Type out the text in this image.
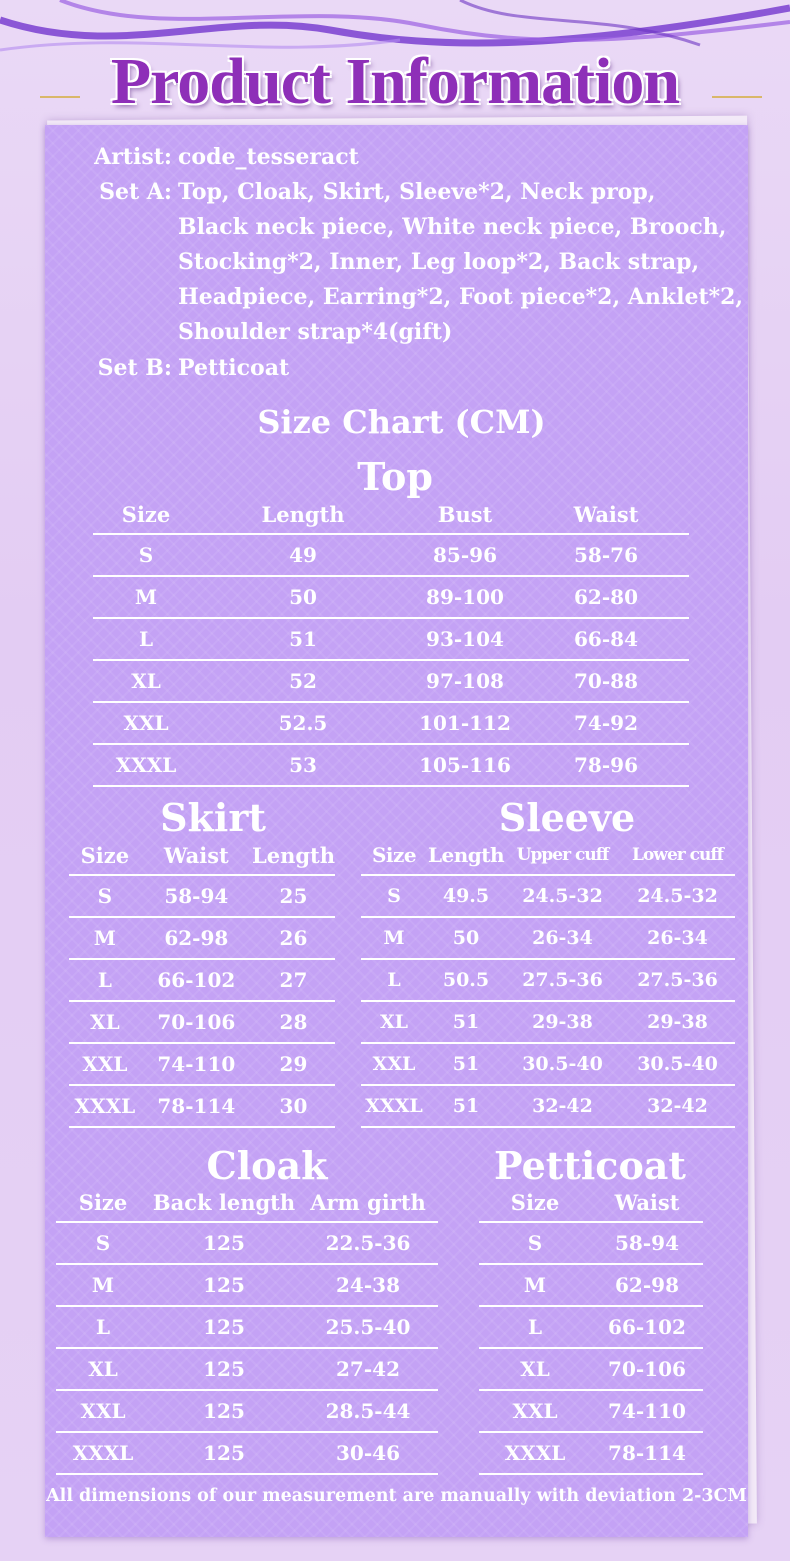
Product Information
Artist: code_tesseract
Set A: Top, Cloak, Skirt, Sleeve*2, Neck prop,
Black neck piece, White neck piece, Brooch,
Stocking*2, Inner, Leg loop*2, Back strap,
Headpiece, Earring*2, Foot piece*2, Anklet*2,
Shoulder strap*4(gift)
Set B: Petticoat
Size Chart (CM)
Top
Size	Length	Bust	Waist
S	49	85-96	58-76
M	50	89-100	62-80
L	51	93-104	66-84
XL	52	97-108	70-88
XXL	52.5	101-112	74-92
XXXL	53	105-116	78-96
Skirt
Size	Waist	Length
S	58-94	25
M	62-98	26
L	66-102	27
XL	70-106	28
XXL	74-110	29
XXXL	78-114	30
Sleeve
Size	Length	Upper cuff	Lower cuff
S	49.5	24.5-32	24.5-32
M	50	26-34	26-34
L	50.5	27.5-36	27.5-36
XL	51	29-38	29-38
XXL	51	30.5-40	30.5-40
XXXL	51	32-42	32-42
Cloak
Size	Back length	Arm girth
S	125	22.5-36
M	125	24-38
L	125	25.5-40
XL	125	27-42
XXL	125	28.5-44
XXXL	125	30-46
Petticoat
Size	Waist
S	58-94
M	62-98
L	66-102
XL	70-106
XXL	74-110
XXXL	78-114
All dimensions of our measurement are manually with deviation 2-3CM
